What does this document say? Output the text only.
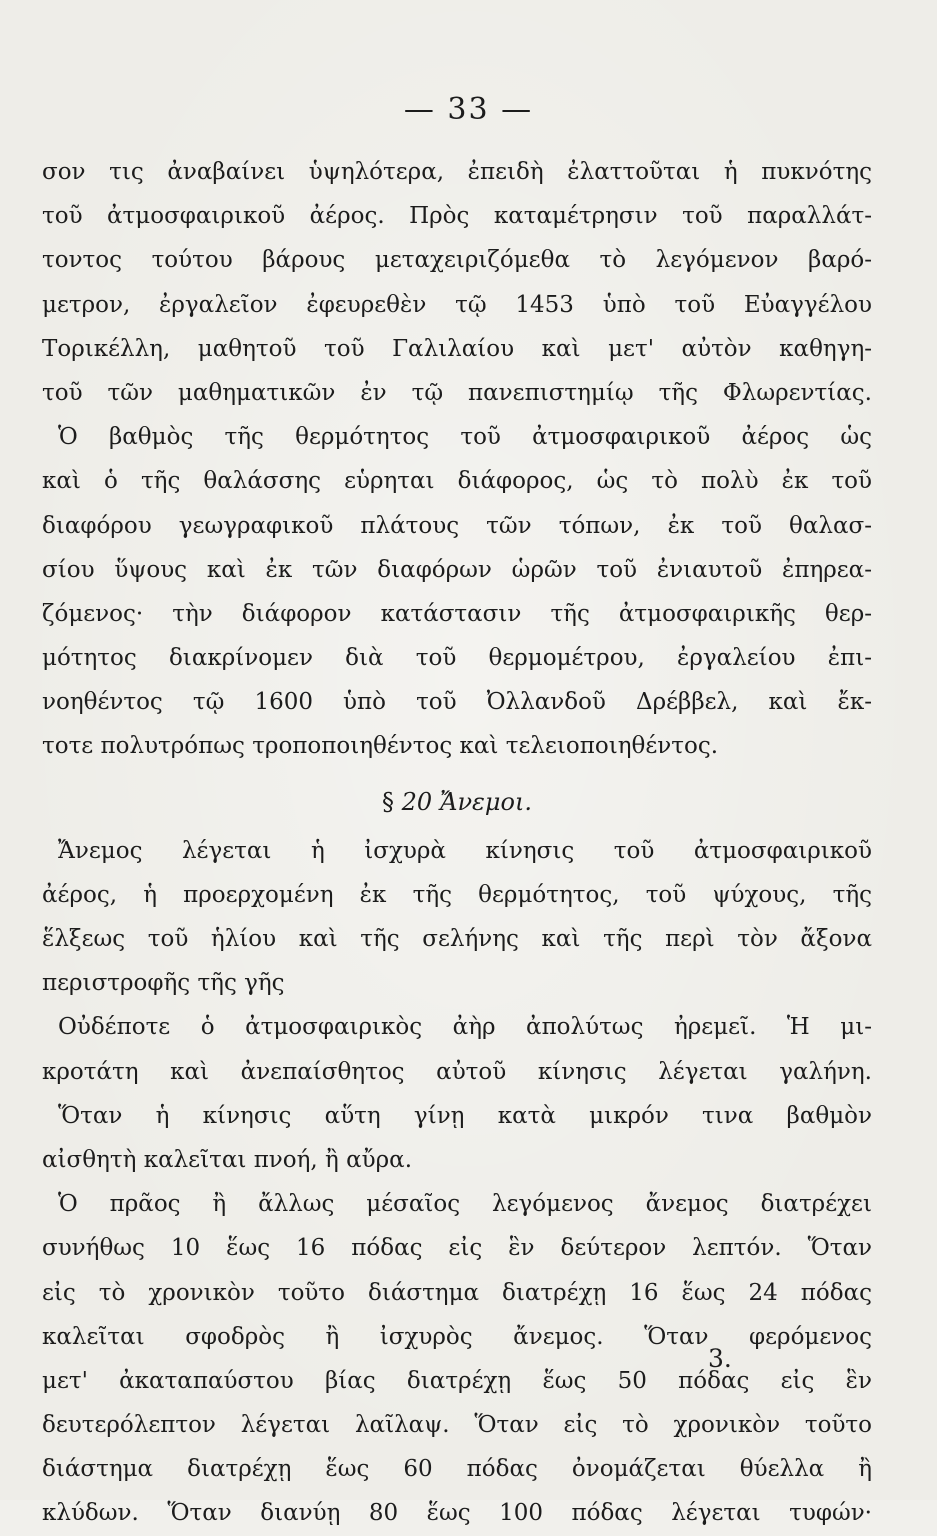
— 33 —
σον τις ἀναβαίνει ὑψηλότερα, ἐπειδὴ ἐλαττοῦται ἡ πυκνότης
τοῦ ἀτμοσφαιρικοῦ ἀέρος. Πρὸς καταμέτρησιν τοῦ παραλλάτ-
τοντος τούτου βάρους μεταχειριζόμεθα τὸ λεγόμενον βαρό-
μετρον, ἐργαλεῖον ἐφευρεθὲν τῷ 1453 ὑπὸ τοῦ Εὐαγγέλου
Τορικέλλη, μαθητοῦ τοῦ Γαλιλαίου καὶ μετ' αὐτὸν καθηγη-
τοῦ τῶν μαθηματικῶν ἐν τῷ πανεπιστημίῳ τῆς Φλωρεντίας.
Ὁ βαθμὸς τῆς θερμότητος τοῦ ἀτμοσφαιρικοῦ ἀέρος ὡς
καὶ ὁ τῆς θαλάσσης εὑρηται διάφορος, ὡς τὸ πολὺ ἐκ τοῦ
διαφόρου γεωγραφικοῦ πλάτους τῶν τόπων, ἐκ τοῦ θαλασ-
σίου ὕψους καὶ ἐκ τῶν διαφόρων ὡρῶν τοῦ ἐνιαυτοῦ ἐπηρεα-
ζόμενος· τὴν διάφορον κατάστασιν τῆς ἀτμοσφαιρικῆς θερ-
μότητος διακρίνομεν διὰ τοῦ θερμομέτρου, ἐργαλείου ἐπι-
νοηθέντος τῷ 1600 ὑπὸ τοῦ Ὀλλανδοῦ Δρέββελ, καὶ ἔκ-
τοτε πολυτρόπως τροποποιηθέντος καὶ τελειοποιηθέντος.
§ 20 Ἄνεμοι.
Ἄνεμος λέγεται ἡ ἰσχυρὰ κίνησις τοῦ ἀτμοσφαιρικοῦ
ἀέρος, ἡ προερχομένη ἐκ τῆς θερμότητος, τοῦ ψύχους, τῆς
ἕλξεως τοῦ ἡλίου καὶ τῆς σελήνης καὶ τῆς περὶ τὸν ἄξονα
περιστροφῆς τῆς γῆς
Οὐδέποτε ὁ ἀτμοσφαιρικὸς ἀὴρ ἀπολύτως ἠρεμεῖ. Ἡ μι-
κροτάτη καὶ ἀνεπαίσθητος αὐτοῦ κίνησις λέγεται γαλήνη.
Ὅταν ἡ κίνησις αὕτη γίνῃ κατὰ μικρόν τινα βαθμὸν
αἰσθητὴ καλεῖται πνοή, ἢ αὔρα.
Ὁ πρᾶος ἢ ἄλλως μέσαῖος λεγόμενος ἄνεμος διατρέχει
συνήθως 10 ἕως 16 πόδας εἰς ἓν δεύτερον λεπτόν. Ὅταν
εἰς τὸ χρονικὸν τοῦτο διάστημα διατρέχῃ 16 ἕως 24 πόδας
καλεῖται σφοδρὸς ἢ ἰσχυρὸς ἄνεμος. Ὅταν φερόμενος
μετ' ἀκαταπαύστου βίας διατρέχῃ ἕως 50 πόδας εἰς ἓν
δευτερόλεπτον λέγεται λαῖλαψ. Ὅταν εἰς τὸ χρονικὸν τοῦτο
διάστημα διατρέχῃ ἕως 60 πόδας ὀνομάζεται θύελλα ἢ
κλύδων. Ὅταν διανύῃ 80 ἕως 100 πόδας λέγεται τυφών·
3.
